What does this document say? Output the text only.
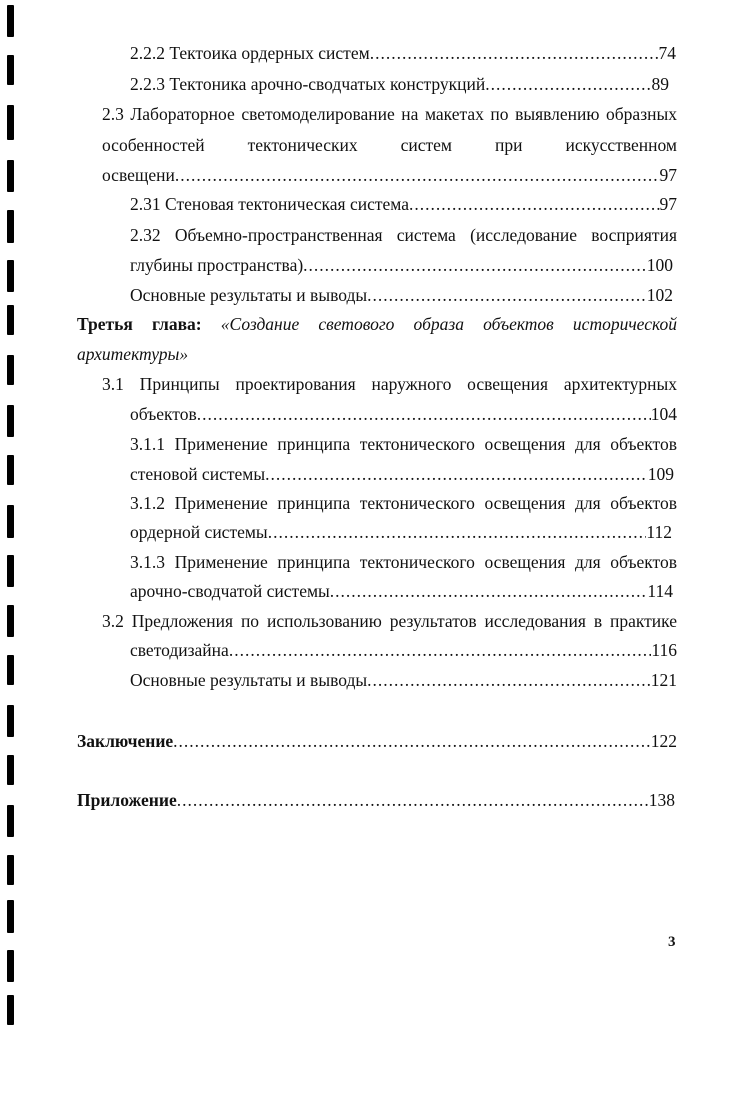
2.2.2 Тектоика ордерных систем .....	74
2.2.3 Тектоника арочно-сводчатых конструкций .....	89
2.3 Лабораторное светомоделирование на макетах по выявлению образных
особенностей тектонических систем при искусственном
освещени .....	97
2.31 Стеновая тектоническая система .....	97
2.32 Объемно-пространственная система (исследование восприятия
глубины пространства) .....	100
Основные результаты и выводы .....	102
Третья глава: «Создание светового образа объектов исторической
архитектуры»
3.1 Принципы проектирования наружного освещения архитектурных
объектов .....	104
3.1.1 Применение принципа тектонического освещения для объектов
стеновой системы .....	109
3.1.2 Применение принципа тектонического освещения для объектов
ордерной системы .....	112
3.1.3 Применение принципа тектонического освещения для объектов
арочно-сводчатой системы .....	114
3.2 Предложения по использованию результатов исследования в практике
светодизайна .....	116
Основные результаты и выводы .....	121
Заключение .....	122
Приложение .....	138
3
